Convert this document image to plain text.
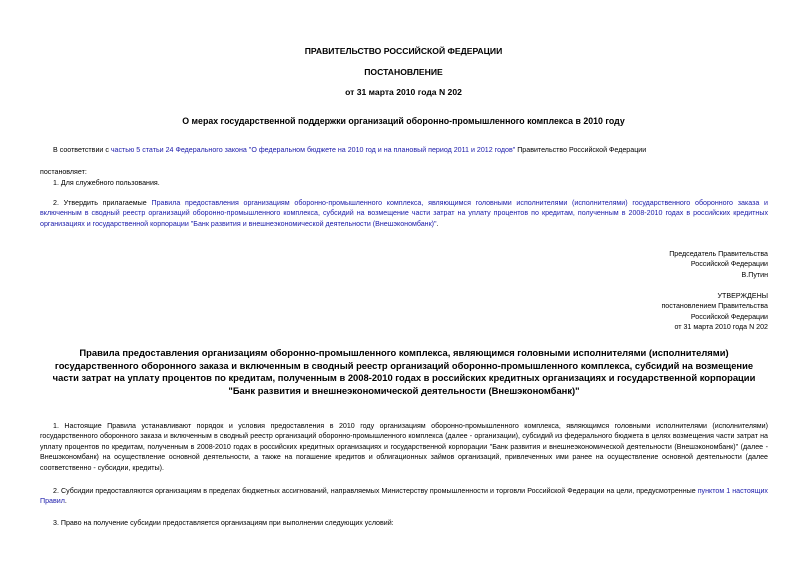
ПРАВИТЕЛЬСТВО РОССИЙСКОЙ ФЕДЕРАЦИИ
ПОСТАНОВЛЕНИЕ
от 31 марта 2010 года N 202
О мерах государственной поддержки организаций оборонно-промышленного комплекса в 2010 году
В соответствии с частью 5 статьи 24 Федерального закона "О федеральном бюджете на 2010 год и на плановый период 2011 и 2012 годов" Правительство Российской Федерации
постановляет:
1. Для служебного пользования.
2. Утвердить прилагаемые Правила предоставления организациям оборонно-промышленного комплекса, являющимся головными исполнителями (исполнителями) государственного оборонного заказа и включенным в сводный реестр организаций оборонно-промышленного комплекса, субсидий на возмещение части затрат на уплату процентов по кредитам, полученным в 2008-2010 годах в российских кредитных организациях и государственной корпорации "Банк развития и внешнеэкономической деятельности (Внешэкономбанк)".
Председатель Правительства
Российской Федерации
В.Путин
УТВЕРЖДЕНЫ
постановлением Правительства
Российской Федерации
от 31 марта 2010 года N 202
Правила предоставления организациям оборонно-промышленного комплекса, являющимся головными исполнителями (исполнителями) государственного оборонного заказа и включенным в сводный реестр организаций оборонно-промышленного комплекса, субсидий на возмещение части затрат на уплату процентов по кредитам, полученным в 2008-2010 годах в российских кредитных организациях и государственной корпорации "Банк развития и внешнеэкономической деятельности (Внешэкономбанк)"
1. Настоящие Правила устанавливают порядок и условия предоставления в 2010 году организациям оборонно-промышленного комплекса, являющимся головными исполнителями (исполнителями) государственного оборонного заказа и включенным в сводный реестр организаций оборонно-промышленного комплекса (далее - организации), субсидий из федерального бюджета в целях возмещения части затрат на уплату процентов по кредитам, полученным в 2008-2010 годах в российских кредитных организациях и государственной корпорации "Банк развития и внешнеэкономической деятельности (Внешэкономбанк)" (далее - Внешэкономбанк) на осуществление основной деятельности, а также на погашение кредитов и облигационных займов организаций, привлеченных ими ранее на осуществление основной деятельности (далее соответственно - субсидии, кредиты).
2. Субсидии предоставляются организациям в пределах бюджетных ассигнований, направляемых Министерству промышленности и торговли Российской Федерации на цели, предусмотренные пунктом 1 настоящих Правил.
3. Право на получение субсидии предоставляется организациям при выполнении следующих условий:
